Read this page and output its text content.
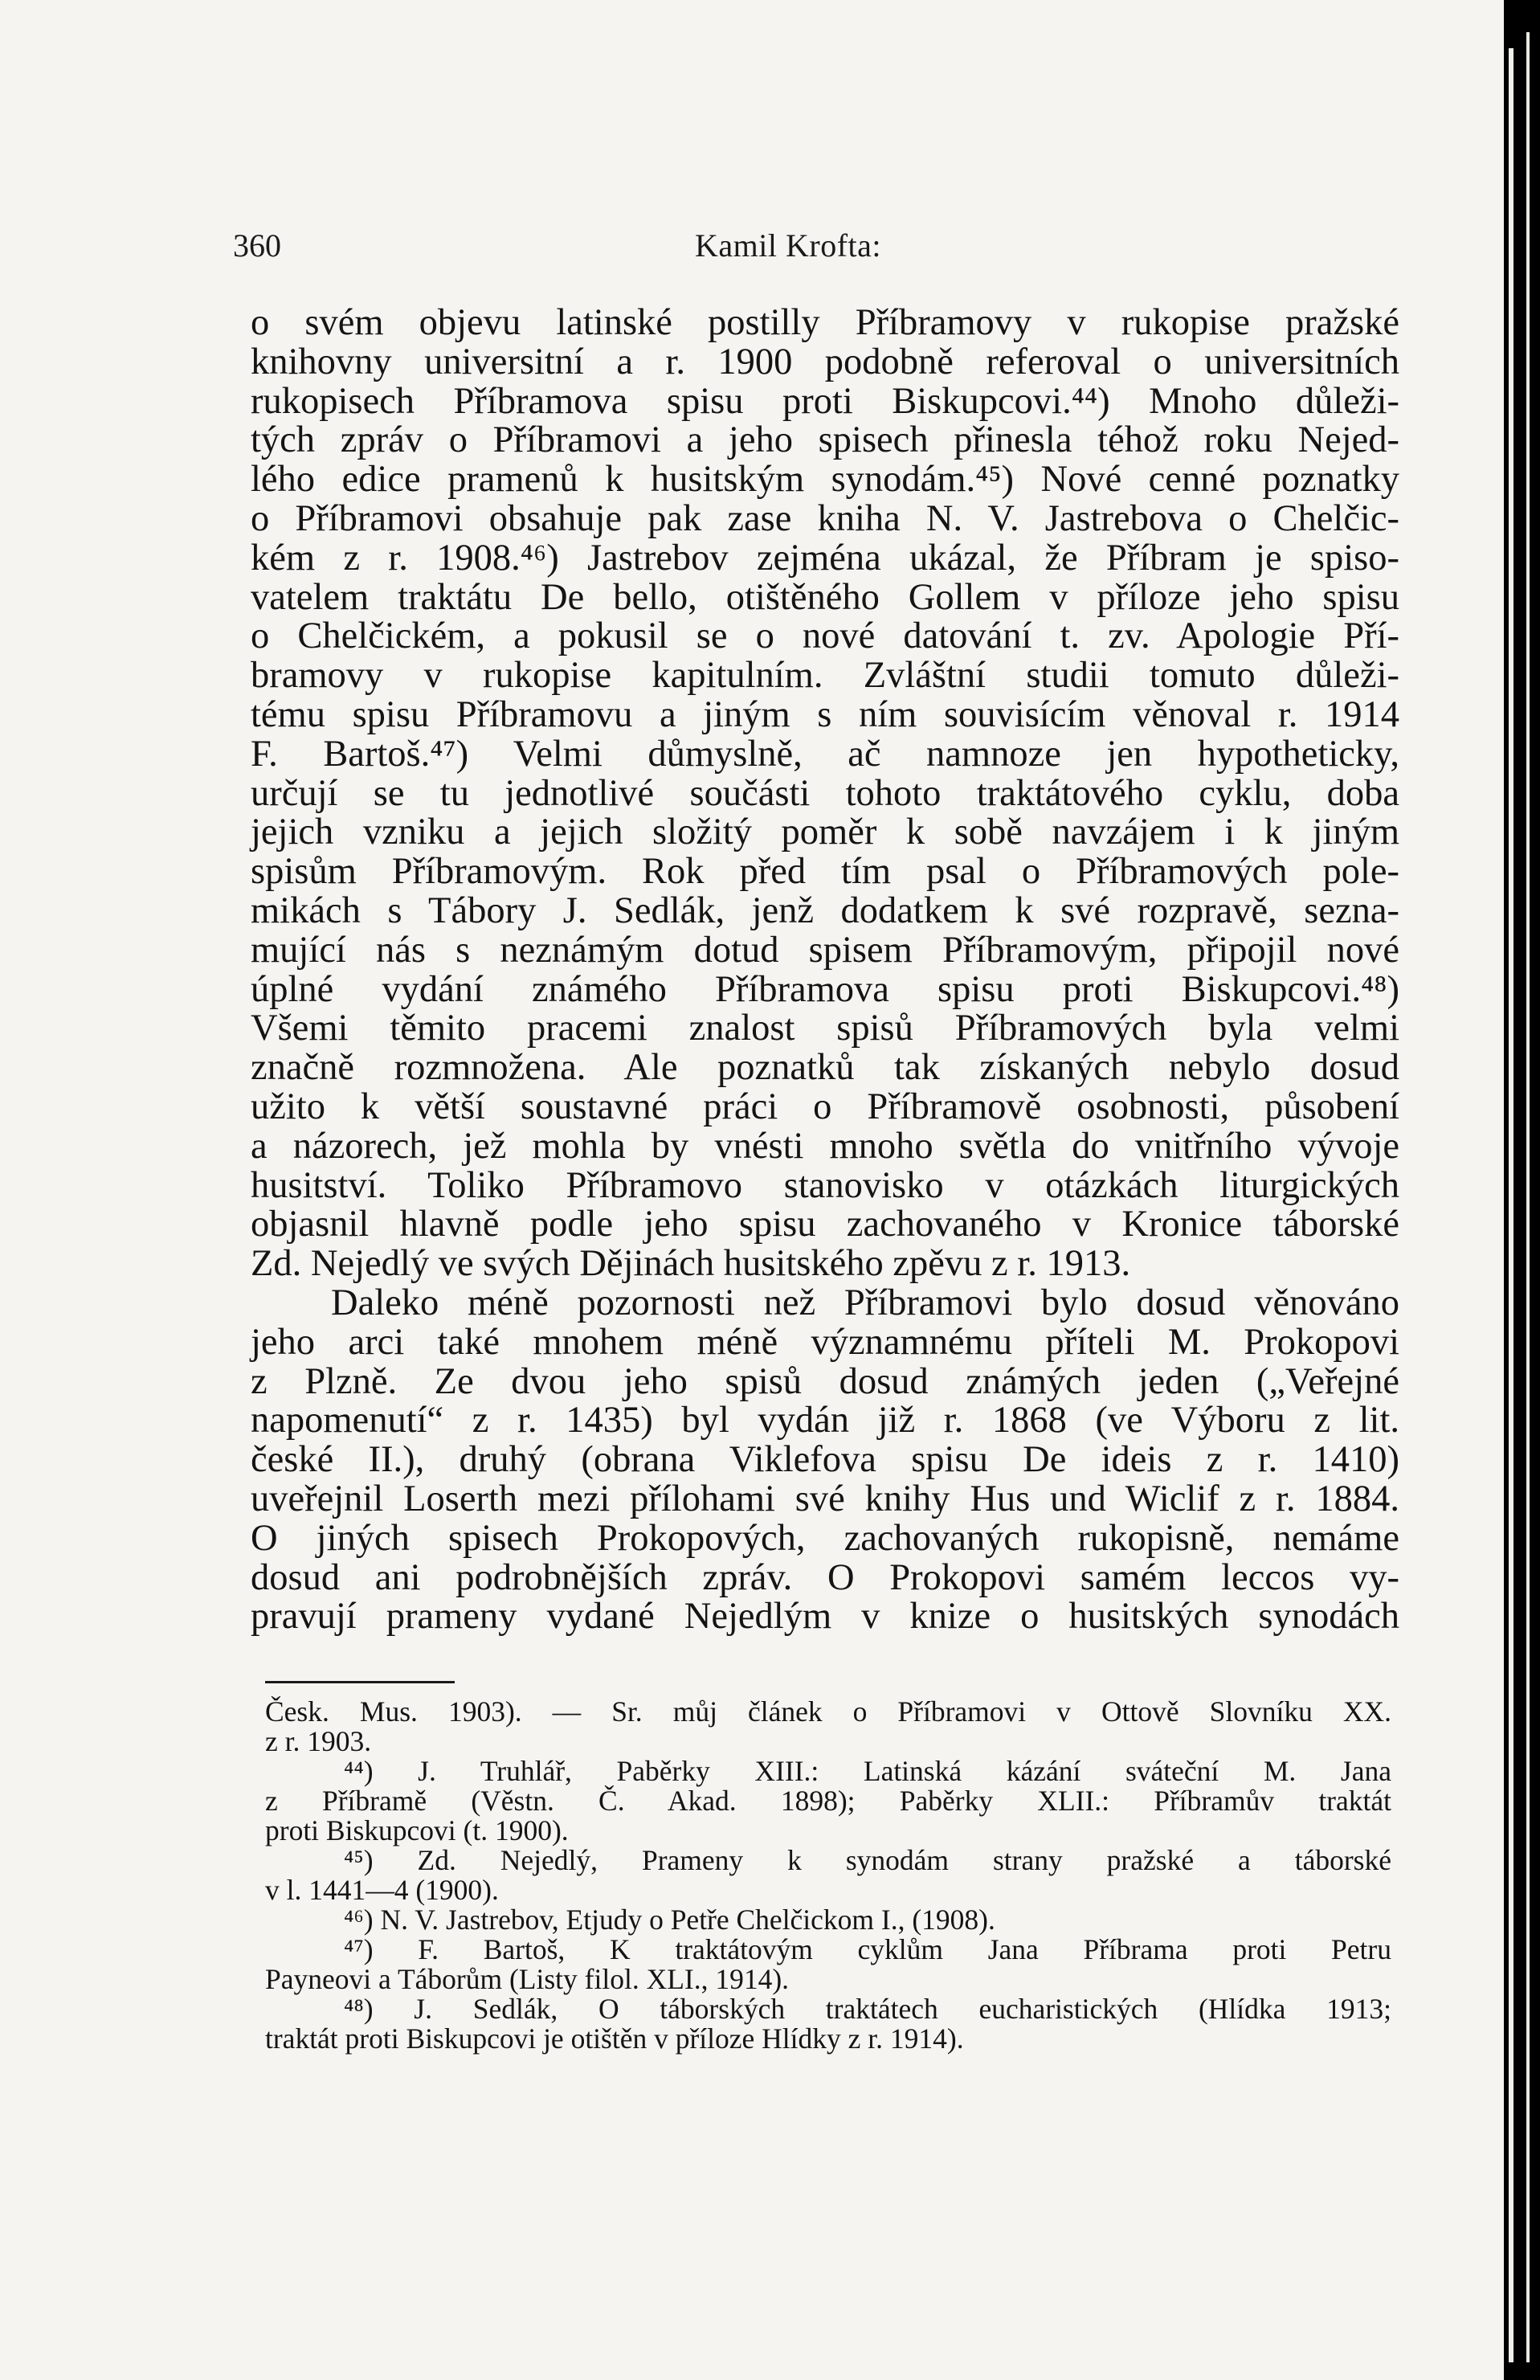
360	Kamil Krofta:
o svém objevu latinské postilly Příbramovy v rukopise pražské
knihovny universitní a r. 1900 podobně referoval o universitních
rukopisech Příbramova spisu proti Biskupcovi.⁴⁴) Mnoho důleži-
tých zpráv o Příbramovi a jeho spisech přinesla téhož roku Nejed-
lého edice pramenů k husitským synodám.⁴⁵) Nové cenné poznatky
o Příbramovi obsahuje pak zase kniha N. V. Jastrebova o Chelčic-
kém z r. 1908.⁴⁶) Jastrebov zejména ukázal, že Příbram je spiso-
vatelem traktátu De bello, otištěného Gollem v příloze jeho spisu
o Chelčickém, a pokusil se o nové datování t. zv. Apologie Pří-
bramovy v rukopise kapitulním. Zvláštní studii tomuto důleži-
tému spisu Příbramovu a jiným s ním souvisícím věnoval r. 1914
F. Bartoš.⁴⁷) Velmi důmyslně, ač namnoze jen hypotheticky,
určují se tu jednotlivé součásti tohoto traktátového cyklu, doba
jejich vzniku a jejich složitý poměr k sobě navzájem i k jiným
spisům Příbramovým. Rok před tím psal o Příbramových pole-
mikách s Tábory J. Sedlák, jenž dodatkem k své rozpravě, sezna-
mující nás s neznámým dotud spisem Příbramovým, připojil nové
úplné vydání známého Příbramova spisu proti Biskupcovi.⁴⁸)
Všemi těmito pracemi znalost spisů Příbramových byla velmi
značně rozmnožena. Ale poznatků tak získaných nebylo dosud
užito k větší soustavné práci o Příbramově osobnosti, působení
a názorech, jež mohla by vnésti mnoho světla do vnitřního vývoje
husitství. Toliko Příbramovo stanovisko v otázkách liturgických
objasnil hlavně podle jeho spisu zachovaného v Kronice táborské
Zd. Nejedlý ve svých Dějinách husitského zpěvu z r. 1913.
Daleko méně pozornosti než Příbramovi bylo dosud věnováno
jeho arci také mnohem méně významnému příteli M. Prokopovi
z Plzně. Ze dvou jeho spisů dosud známých jeden („Veřejné
napomenutí“ z r. 1435) byl vydán již r. 1868 (ve Výboru z lit.
české II.), druhý (obrana Viklefova spisu De ideis z r. 1410)
uveřejnil Loserth mezi přílohami své knihy Hus und Wiclif z r. 1884.
O jiných spisech Prokopových, zachovaných rukopisně, nemáme
dosud ani podrobnějších zpráv. O Prokopovi samém leccos vy-
pravují prameny vydané Nejedlým v knize o husitských synodách
Česk. Mus. 1903). — Sr. můj článek o Příbramovi v Ottově Slovníku XX.
z r. 1903.
⁴⁴) J. Truhlář, Paběrky XIII.: Latinská kázání sváteční M. Jana
z Příbramě (Věstn. Č. Akad. 1898); Paběrky XLII.: Příbramův traktát
proti Biskupcovi (t. 1900).
⁴⁵) Zd. Nejedlý, Prameny k synodám strany pražské a táborské
v l. 1441—4 (1900).
⁴⁶) N. V. Jastrebov, Etjudy o Petře Chelčickom I., (1908).
⁴⁷) F. Bartoš, K traktátovým cyklům Jana Příbrama proti Petru
Payneovi a Táborům (Listy filol. XLI., 1914).
⁴⁸) J. Sedlák, O táborských traktátech eucharistických (Hlídka 1913;
traktát proti Biskupcovi je otištěn v příloze Hlídky z r. 1914).
